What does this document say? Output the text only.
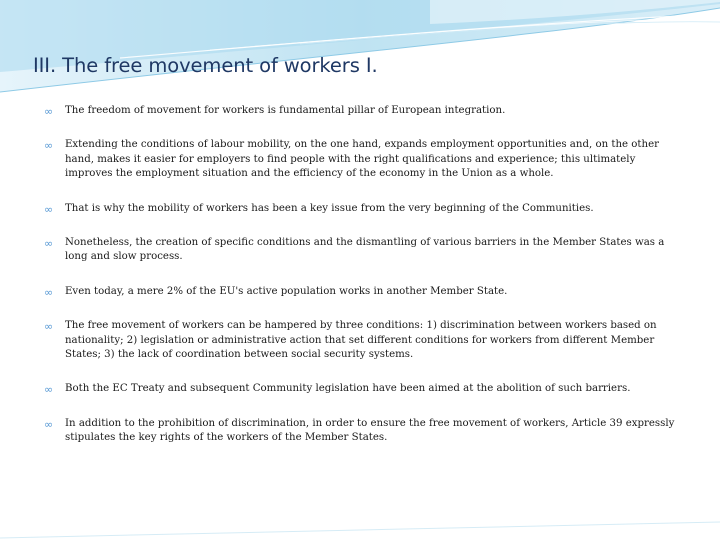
III. The free movement of workers I.
∞ The freedom of movement for workers is fundamental pillar of European integration.
∞ Extending the conditions of labour mobility, on the one hand, expands employment opportunities and, on the other hand, makes it easier for employers to find people with the right qualifications and experience; this ultimately improves the employment situation and the efficiency of the economy in the Union as a whole.
∞ That is why the mobility of workers has been a key issue from the very beginning of the Communities.
∞ Nonetheless, the creation of specific conditions and the dismantling of various barriers in the Member States was a long and slow process.
∞ Even today, a mere 2% of the EU's active population works in another Member State.
∞ The free movement of workers can be hampered by three conditions: 1) discrimination between workers based on nationality; 2) legislation or administrative action that set different conditions for workers from different Member States; 3) the lack of coordination between social security systems.
∞ Both the EC Treaty and subsequent Community legislation have been aimed at the abolition of such barriers.
∞ In addition to the prohibition of discrimination, in order to ensure the free movement of workers, Article 39 expressly stipulates the key rights of the workers of the Member States.
